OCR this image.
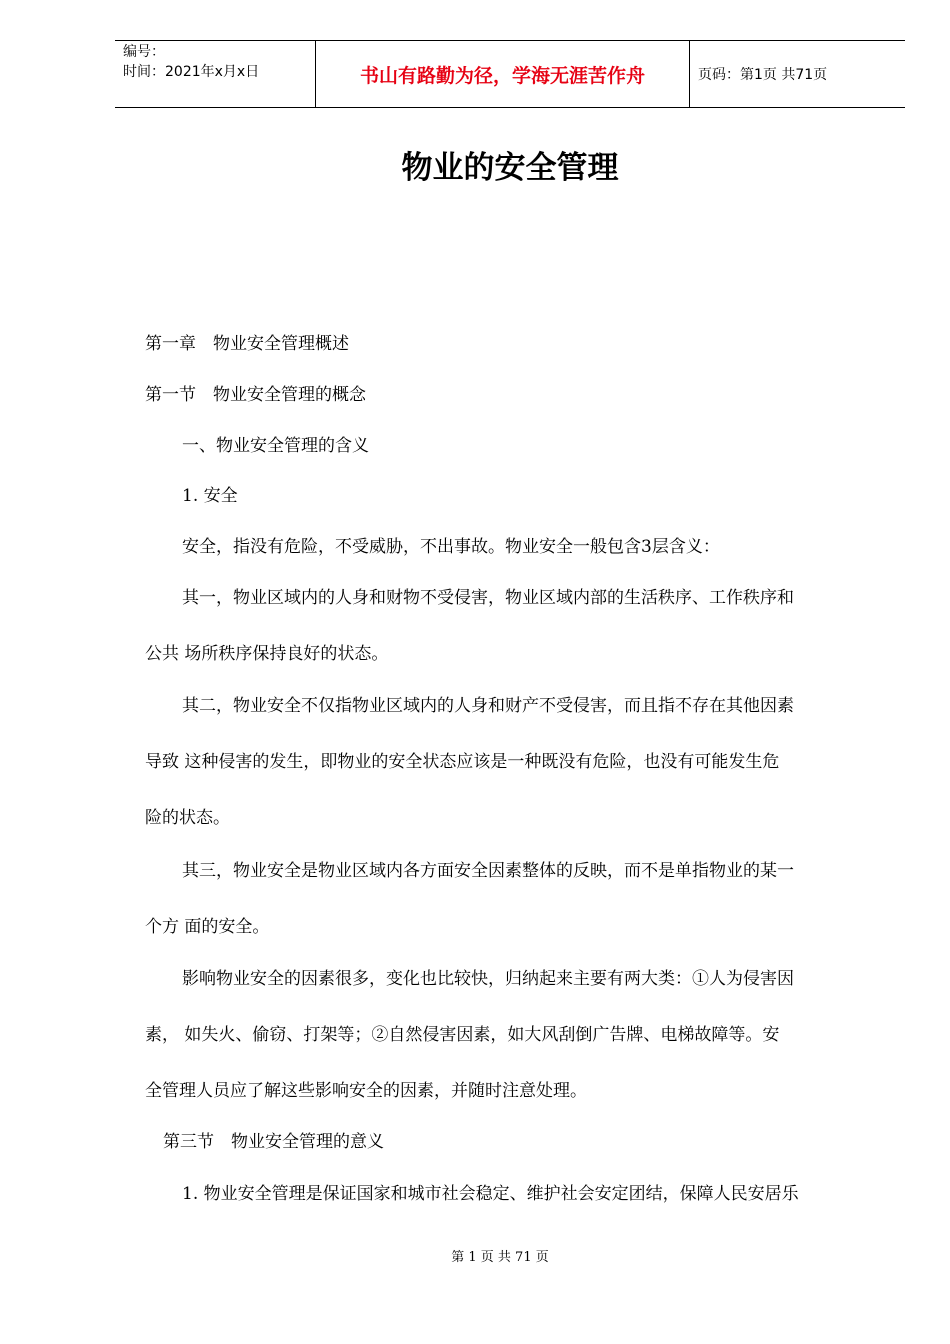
编号：
时间：2021年x月x日	书山有路勤为径，学海无涯苦作舟	页码：第1页 共71页
物业的安全管理

第一章　物业安全管理概述

第一节　物业安全管理的概念

一、物业安全管理的含义

1. 安全

安全，指没有危险，不受威胁，不出事故。物业安全一般包含3层含义：

其一，物业区域内的人身和财物不受侵害，物业区域内部的生活秩序、工作秩序和

公共 场所秩序保持良好的状态。

其二，物业安全不仅指物业区域内的人身和财产不受侵害，而且指不存在其他因素

导致 这种侵害的发生，即物业的安全状态应该是一种既没有危险，也没有可能发生危

险的状态。

其三，物业安全是物业区域内各方面安全因素整体的反映，而不是单指物业的某一

个方 面的安全。

影响物业安全的因素很多，变化也比较快，归纳起来主要有两大类：①人为侵害因

素， 如失火、偷窃、打架等；②自然侵害因素，如大风刮倒广告牌、电梯故障等。安

全管理人员应了解这些影响安全的因素，并随时注意处理。

第三节　物业安全管理的意义

1. 物业安全管理是保证国家和城市社会稳定、维护社会安定团结，保障人民安居乐

第 1 页 共 71 页
